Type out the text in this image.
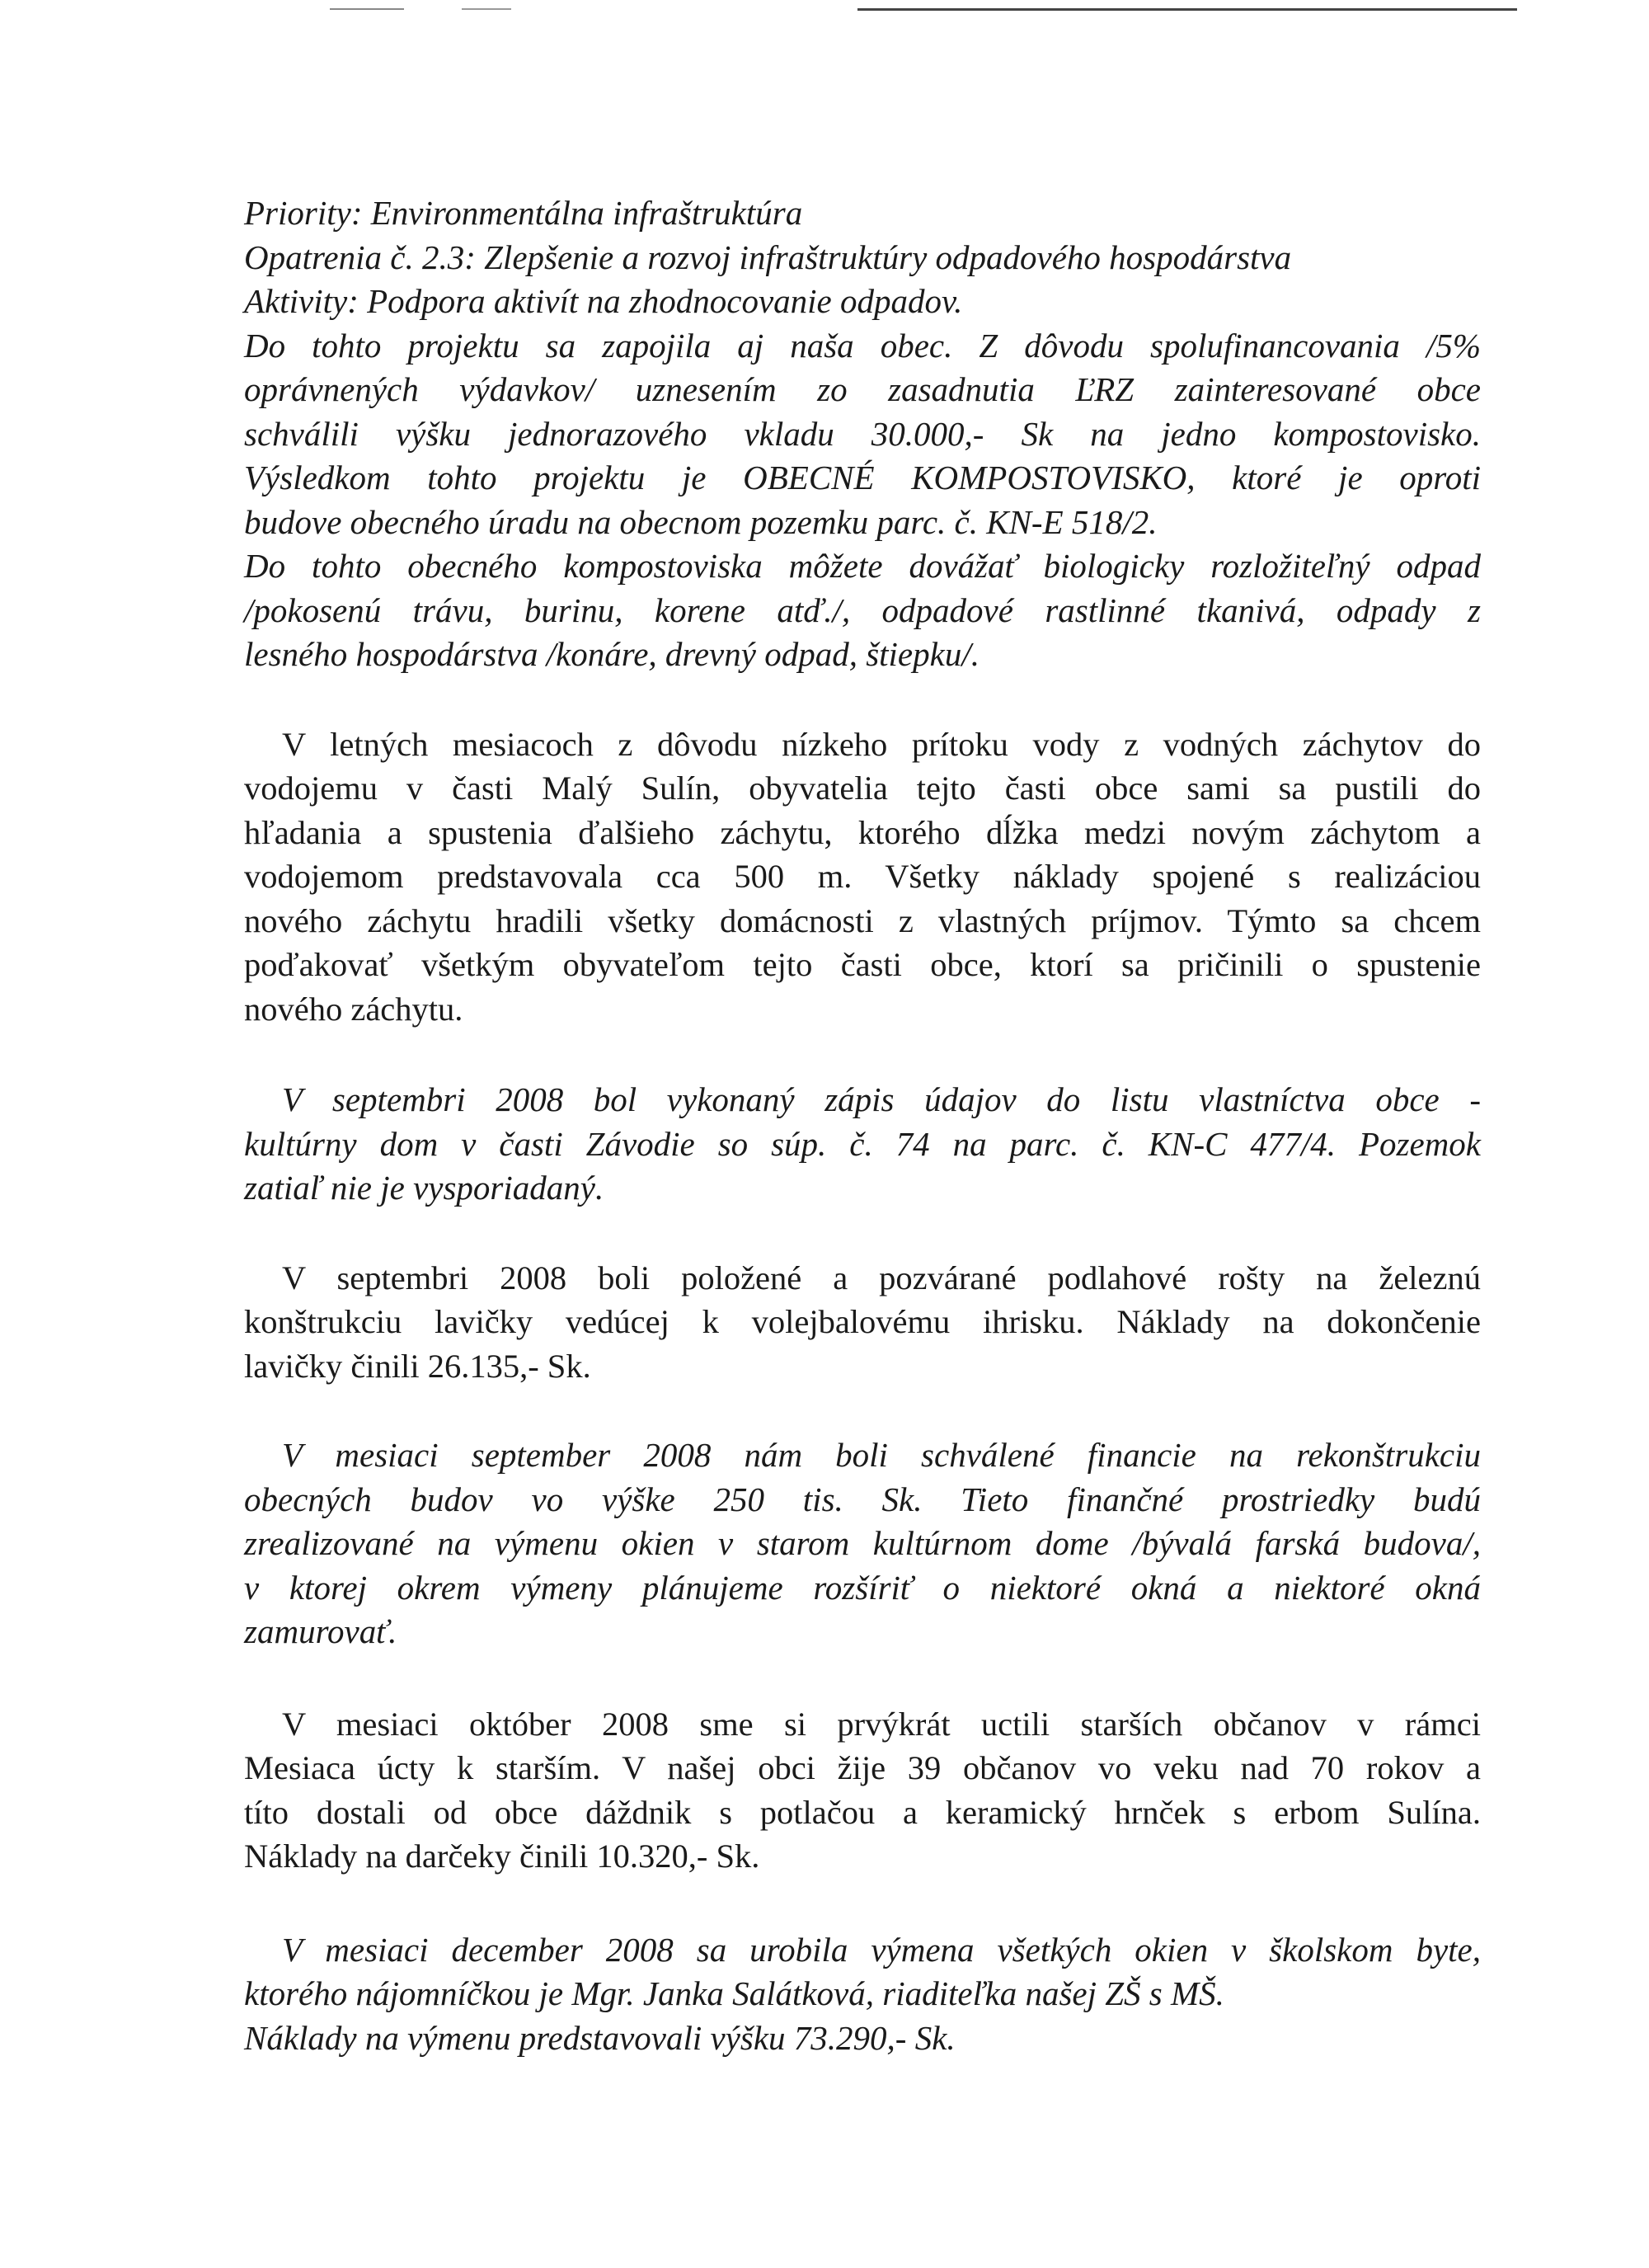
Priority: Environmentálna infraštruktúra
Opatrenia č. 2.3: Zlepšenie a rozvoj infraštruktúry odpadového hospodárstva
Aktivity: Podpora aktivít na zhodnocovanie odpadov.
Do tohto projektu sa zapojila aj naša obec. Z dôvodu spolufinancovania /5%
oprávnených výdavkov/ uznesením zo zasadnutia ĽRZ zainteresované obce
schválili výšku jednorazového vkladu 30.000,- Sk na jedno kompostovisko.
Výsledkom tohto projektu je OBECNÉ KOMPOSTOVISKO, ktoré je oproti
budove obecného úradu na obecnom pozemku parc. č. KN-E 518/2.
Do tohto obecného kompostoviska môžete dovážať biologicky rozložiteľný odpad
/pokosenú trávu, burinu, korene atď./, odpadové rastlinné tkanivá, odpady z
lesného hospodárstva /konáre, drevný odpad, štiepku/.
V letných mesiacoch z dôvodu nízkeho prítoku vody z vodných záchytov do
vodojemu v časti Malý Sulín, obyvatelia tejto časti obce sami sa pustili do
hľadania a spustenia ďalšieho záchytu, ktorého dĺžka medzi novým záchytom a
vodojemom predstavovala cca 500 m. Všetky náklady spojené s realizáciou
nového záchytu hradili všetky domácnosti z vlastných príjmov. Týmto sa chcem
poďakovať všetkým obyvateľom tejto časti obce, ktorí sa pričinili o spustenie
nového záchytu.
V septembri 2008 bol vykonaný zápis údajov do listu vlastníctva obce -
kultúrny dom v časti Závodie so súp. č. 74 na parc. č. KN-C 477/4. Pozemok
zatiaľ nie je vysporiadaný.
V septembri 2008 boli položené a pozvárané podlahové rošty na železnú
konštrukciu lavičky vedúcej k volejbalovému ihrisku. Náklady na dokončenie
lavičky činili 26.135,- Sk.
V mesiaci september 2008 nám boli schválené financie na rekonštrukciu
obecných budov vo výške 250 tis. Sk. Tieto finančné prostriedky budú
zrealizované na výmenu okien v starom kultúrnom dome /bývalá farská budova/,
v ktorej okrem výmeny plánujeme rozšíriť o niektoré okná a niektoré okná
zamurovať.
V mesiaci október 2008 sme si prvýkrát uctili starších občanov v rámci
Mesiaca úcty k starším. V našej obci žije 39 občanov vo veku nad 70 rokov a
títo dostali od obce dáždnik s potlačou a keramický hrnček s erbom Sulína.
Náklady na darčeky činili 10.320,- Sk.
V mesiaci december 2008 sa urobila výmena všetkých okien v školskom byte,
ktorého nájomníčkou je Mgr. Janka Salátková, riaditeľka našej ZŠ s MŠ.
Náklady na výmenu predstavovali výšku 73.290,- Sk.
